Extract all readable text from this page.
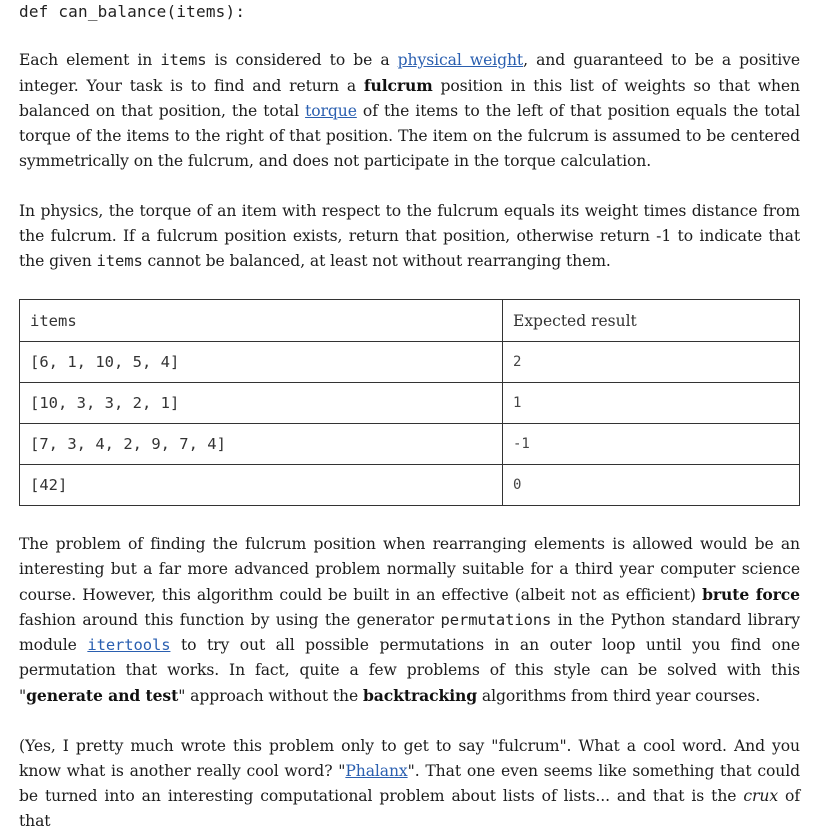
def can_balance(items):

Each element in items is considered to be a physical weight, and guaranteed to be a positive integer. Your task is to find and return a fulcrum position in this list of weights so that when balanced on that position, the total torque of the items to the left of that position equals the total torque of the items to the right of that position. The item on the fulcrum is assumed to be centered symmetrically on the fulcrum, and does not participate in the torque calculation.

In physics, the torque of an item with respect to the fulcrum equals its weight times distance from the fulcrum. If a fulcrum position exists, return that position, otherwise return -1 to indicate that the given items cannot be balanced, at least not without rearranging them.

items	Expected result
[6, 1, 10, 5, 4]	2
[10, 3, 3, 2, 1]	1
[7, 3, 4, 2, 9, 7, 4]	-1
[42]	0

The problem of finding the fulcrum position when rearranging elements is allowed would be an interesting but a far more advanced problem normally suitable for a third year computer science course. However, this algorithm could be built in an effective (albeit not as efficient) brute force fashion around this function by using the generator permutations in the Python standard library module itertools to try out all possible permutations in an outer loop until you find one permutation that works. In fact, quite a few problems of this style can be solved with this "generate and test" approach without the backtracking algorithms from third year courses.

(Yes, I pretty much wrote this problem only to get to say "fulcrum". What a cool word. And you know what is another really cool word? "Phalanx". That one even seems like something that could be turned into an interesting computational problem about lists of lists... and that is the crux of that
